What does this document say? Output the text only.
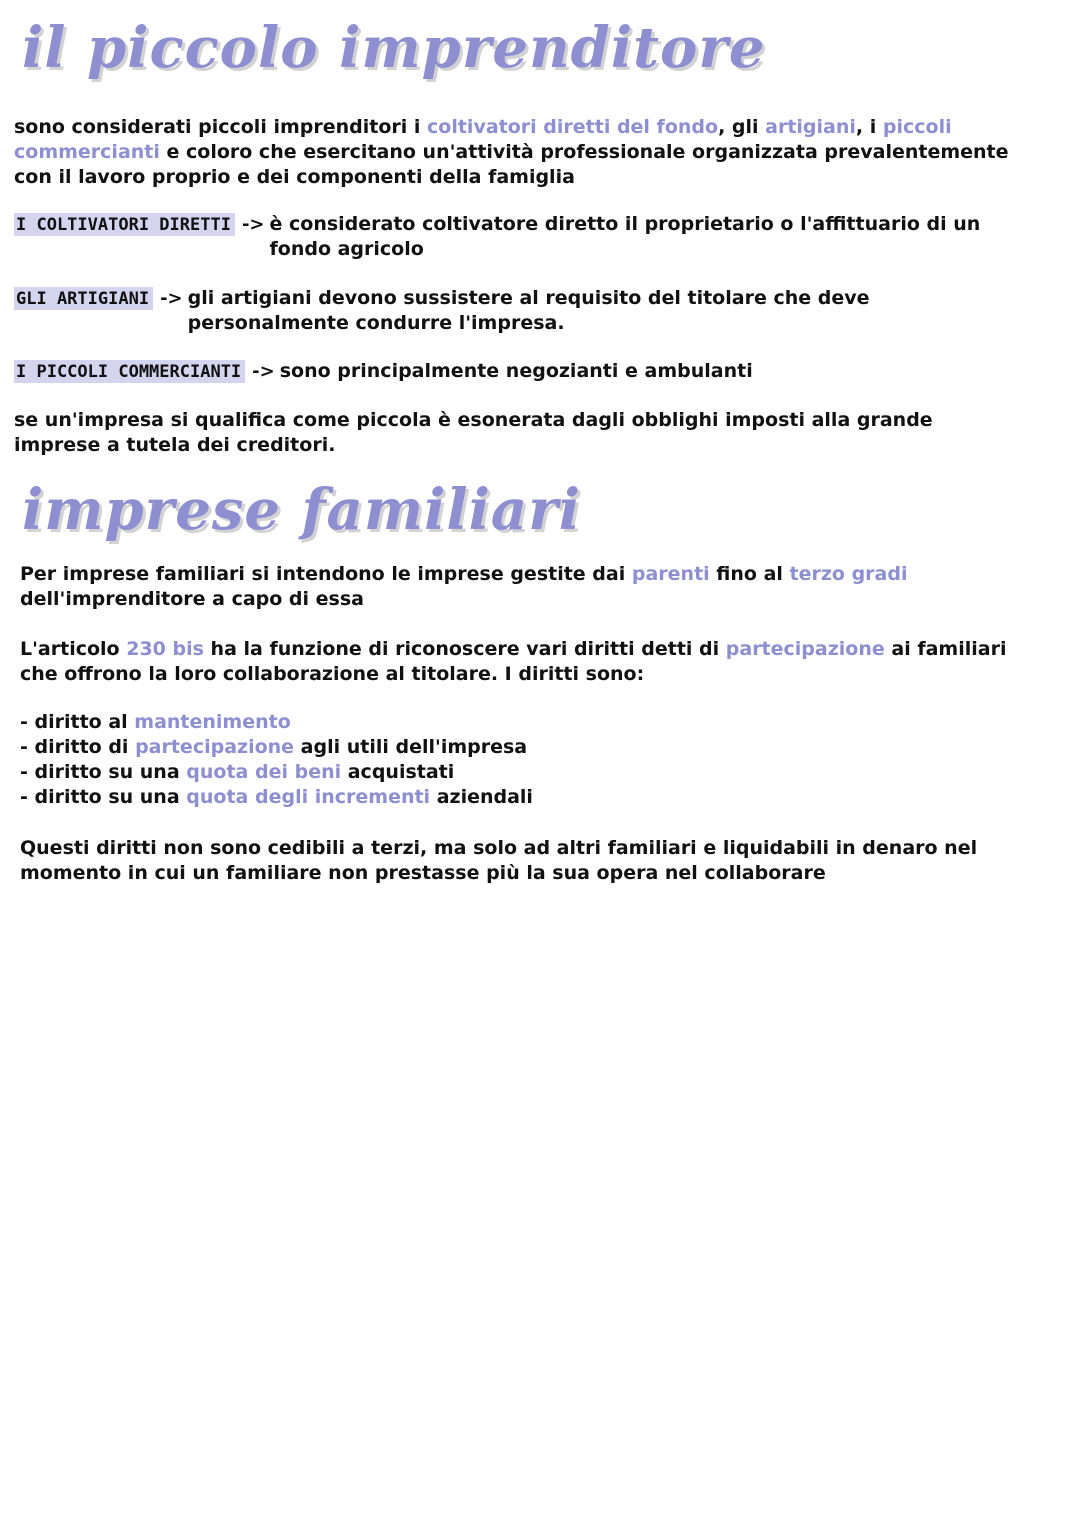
il piccolo imprenditore

sono considerati piccoli imprenditori i coltivatori diretti del fondo, gli artigiani, i piccoli commercianti e coloro che esercitano un'attività professionale organizzata prevalentemente con il lavoro proprio e dei componenti della famiglia

I COLTIVATORI DIRETTI -> è considerato coltivatore diretto il proprietario o l'affittuario di un fondo agricolo
GLI ARTIGIANI -> gli artigiani devono sussistere al requisito del titolare che deve personalmente condurre l'impresa.
I PICCOLI COMMERCIANTI -> sono principalmente negozianti e ambulanti

se un'impresa si qualifica come piccola è esonerata dagli obblighi imposti alla grande imprese a tutela dei creditori.

imprese familiari

Per imprese familiari si intendono le imprese gestite dai parenti fino al terzo gradi dell'imprenditore a capo di essa

L'articolo 230 bis ha la funzione di riconoscere vari diritti detti di partecipazione ai familiari che offrono la loro collaborazione al titolare. I diritti sono:

- diritto al mantenimento
- diritto di partecipazione agli utili dell'impresa
- diritto su una quota dei beni acquistati
- diritto su una quota degli incrementi aziendali

Questi diritti non sono cedibili a terzi, ma solo ad altri familiari e liquidabili in denaro nel momento in cui un familiare non prestasse più la sua opera nel collaborare
